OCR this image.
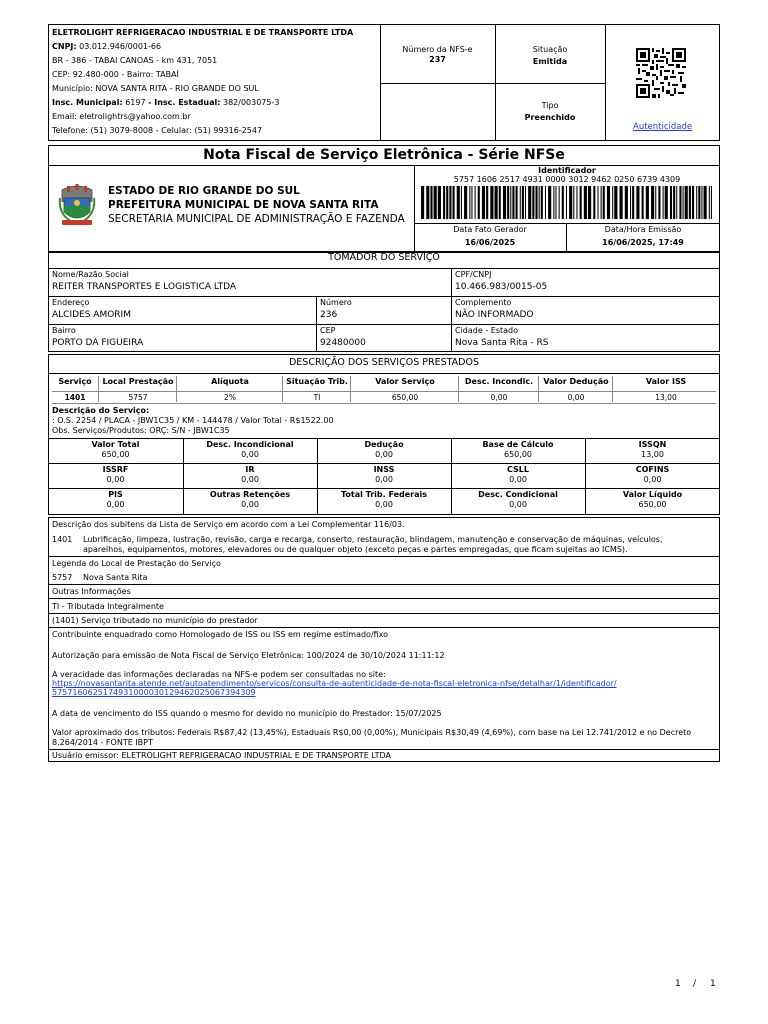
ELETROLIGHT REFRIGERACAO INDUSTRIAL E DE TRANSPORTE LTDA
CNPJ: 03.012.946/0001-66
BR - 386 - TABAI CANOAS - km 431, 7051
CEP: 92.480-000 - Bairro: TABAÍ
Município: NOVA SANTA RITA - RIO GRANDE DO SUL
Insc. Municipal: 6197 - Insc. Estadual: 382/003075-3
Email: eletrolightrs@yahoo.com.br
Telefone: (51) 3079-8008 - Celular: (51) 99316-2547
Número da NFS-e
237
Situação
Emitida
Tipo
Preenchido
Autenticidade
Nota Fiscal de Serviço Eletrônica - Série NFSe
ESTADO DE RIO GRANDE DO SUL
PREFEITURA MUNICIPAL DE NOVA SANTA RITA
SECRETARIA MUNICIPAL DE ADMINISTRAÇÃO E FAZENDA
Identificador
5757 1606 2517 4931 0000 3012 9462 0250 6739 4309
Data Fato Gerador
16/06/2025
Data/Hora Emissão
16/06/2025, 17:49
TOMADOR DO SERVIÇO
Nome/Razão Social
REITER TRANSPORTES E LOGISTICA LTDA
CPF/CNPJ
10.466.983/0015-05
Endereço
ALCIDES AMORIM
Número
236
Complemento
NÃO INFORMADO
Bairro
PORTO DA FIGUEIRA
CEP
92480000
Cidade - Estado
Nova Santa Rita - RS
DESCRIÇÃO DOS SERVIÇOS PRESTADOS
Serviço	Local Prestação	Alíquota	Situação Trib.	Valor Serviço	Desc. Incondic.	Valor Dedução	Valor ISS
1401	5757	2%	TI	650,00	0,00	0,00	13,00
Descrição do Serviço:
: O.S. 2254 / PLACA - JBW1C35 / KM - 144478 / Valor Total - R$1522.00
Obs. Serviços/Produtos: ORÇ: S/N - JBW1C35
Valor Total
650,00
Desc. Incondicional
0,00
Dedução
0,00
Base de Cálculo
650,00
ISSQN
13,00
ISSRF
0,00
IR
0,00
INSS
0,00
CSLL
0,00
COFINS
0,00
PIS
0,00
Outras Retenções
0,00
Total Trib. Federais
0,00
Desc. Condicional
0,00
Valor Líquido
650,00
Descrição dos subitens da Lista de Serviço em acordo com a Lei Complementar 116/03.
1401 Lubrificação, limpeza, lustração, revisão, carga e recarga, conserto, restauração, blindagem, manutenção e conservação de máquinas, veículos,
aparelhos, equipamentos, motores, elevadores ou de qualquer objeto (exceto peças e partes empregadas, que ficam sujeitas ao ICMS).
Legenda do Local de Prestação do Serviço
5757 Nova Santa Rita
Outras Informações
TI - Tributada Integralmente
(1401) Serviço tributado no município do prestador
Contribuinte enquadrado como Homologado de ISS ou ISS em regime estimado/fixo
Autorização para emissão de Nota Fiscal de Serviço Eletrônica: 100/2024 de 30/10/2024 11:11:12
A veracidade das informações declaradas na NFS-e podem ser consultadas no site:
https://novasantarita.atende.net/autoatendimento/servicos/consulta-de-autenticidade-de-nota-fiscal-eletronica-nfse/detalhar/1/identificador/
57571606251749310000301294620250673943​09
A data de vencimento do ISS quando o mesmo for devido no município do Prestador: 15/07/2025
Valor aproximado dos tributos: Federais R$87,42 (13,45%), Estaduais R$0,00 (0,00%), Municipais R$30,49 (4,69%), com base na Lei 12.741/2012 e no Decreto
8.264/2014 - FONTE IBPT
Usuário emissor: ELETROLIGHT REFRIGERACAO INDUSTRIAL E DE TRANSPORTE LTDA
1 / 1
